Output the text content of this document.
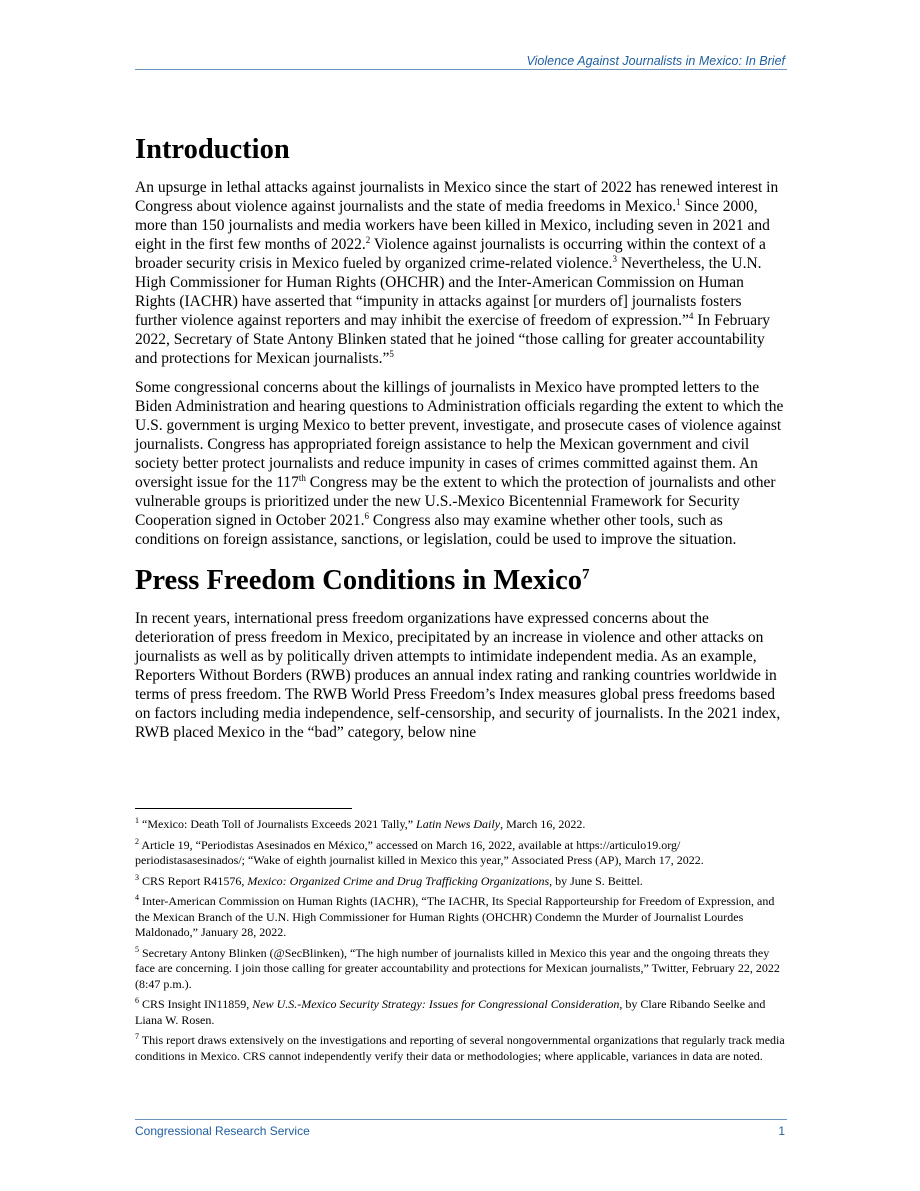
Violence Against Journalists in Mexico: In Brief
Introduction

An upsurge in lethal attacks against journalists in Mexico since the start of 2022 has renewed interest in Congress about violence against journalists and the state of media freedoms in Mexico.$^1$ Since 2000, more than 150 journalists and media workers have been killed in Mexico, including seven in 2021 and eight in the first few months of 2022.$^2$ Violence against journalists is occurring within the context of a broader security crisis in Mexico fueled by organized crime-related violence.$^3$ Nevertheless, the U.N. High Commissioner for Human Rights (OHCHR) and the Inter-American Commission on Human Rights (IACHR) have asserted that “impunity in attacks against [or murders of] journalists fosters further violence against reporters and may inhibit the exercise of freedom of expression.”$^4$ In February 2022, Secretary of State Antony Blinken stated that he joined “those calling for greater accountability and protections for Mexican journalists.”$^5$

Some congressional concerns about the killings of journalists in Mexico have prompted letters to the Biden Administration and hearing questions to Administration officials regarding the extent to which the U.S. government is urging Mexico to better prevent, investigate, and prosecute cases of violence against journalists. Congress has appropriated foreign assistance to help the Mexican government and civil society better protect journalists and reduce impunity in cases of crimes committed against them. An oversight issue for the 117th Congress may be the extent to which the protection of journalists and other vulnerable groups is prioritized under the new U.S.-Mexico Bicentennial Framework for Security Cooperation signed in October 2021.$^6$ Congress also may examine whether other tools, such as conditions on foreign assistance, sanctions, or legislation, could be used to improve the situation.

Press Freedom Conditions in Mexico$^7$

In recent years, international press freedom organizations have expressed concerns about the deterioration of press freedom in Mexico, precipitated by an increase in violence and other attacks on journalists as well as by politically driven attempts to intimidate independent media. As an example, Reporters Without Borders (RWB) produces an annual index rating and ranking countries worldwide in terms of press freedom. The RWB World Press Freedom’s Index measures global press freedoms based on factors including media independence, self-censorship, and security of journalists. In the 2021 index, RWB placed Mexico in the “bad” category, below nine

$^1$ “Mexico: Death Toll of Journalists Exceeds 2021 Tally,” Latin News Daily, March 16, 2022.

$^2$ Article 19, “Periodistas Asesinados en México,” accessed on March 16, 2022, available at https://articulo19.org/ periodistasasesinados/; “Wake of eighth journalist killed in Mexico this year,” Associated Press (AP), March 17, 2022.

$^3$ CRS Report R41576, Mexico: Organized Crime and Drug Trafficking Organizations, by June S. Beittel.

$^4$ Inter-American Commission on Human Rights (IACHR), “The IACHR, Its Special Rapporteurship for Freedom of Expression, and the Mexican Branch of the U.N. High Commissioner for Human Rights (OHCHR) Condemn the Murder of Journalist Lourdes Maldonado,” January 28, 2022.

$^5$ Secretary Antony Blinken (@SecBlinken), “The high number of journalists killed in Mexico this year and the ongoing threats they face are concerning. I join those calling for greater accountability and protections for Mexican journalists,” Twitter, February 22, 2022 (8:47 p.m.).

$^6$ CRS Insight IN11859, New U.S.-Mexico Security Strategy: Issues for Congressional Consideration, by Clare Ribando Seelke and Liana W. Rosen.

$^7$ This report draws extensively on the investigations and reporting of several nongovernmental organizations that regularly track media conditions in Mexico. CRS cannot independently verify their data or methodologies; where applicable, variances in data are noted.

Congressional Research Service	1
